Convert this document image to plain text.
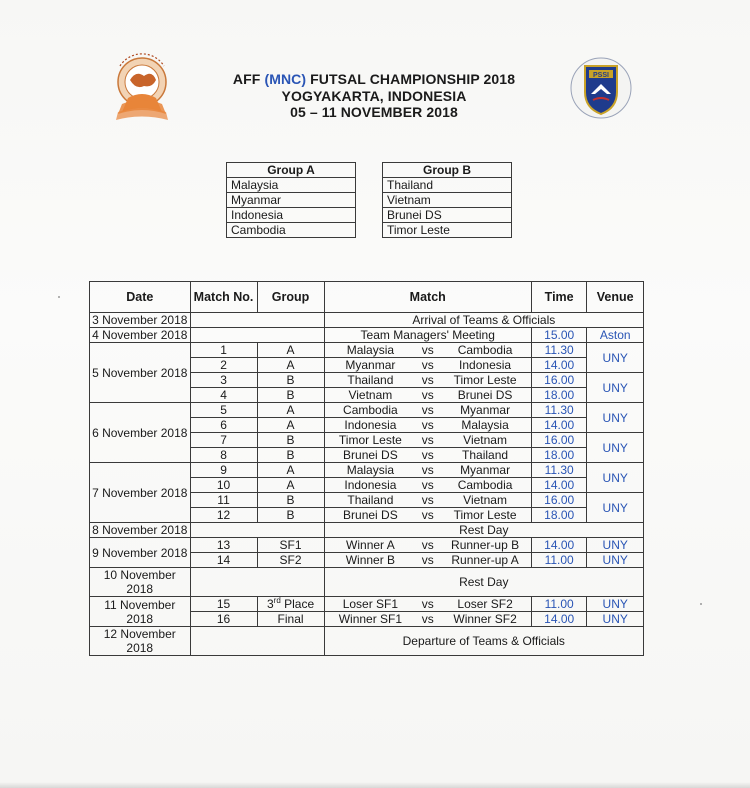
AFF (MNC) FUTSAL CHAMPIONSHIP 2018
YOGYAKARTA, INDONESIA
05 – 11 NOVEMBER 2018
PSSI
Group A
Malaysia
Myanmar
Indonesia
Cambodia
Group B
Thailand
Vietnam
Brunei DS
Timor Leste
Date	Match No.	Group	Match			Time	Venue
3 November 2018			Arrival of Teams & Officials				
4 November 2018			Team Managers' Meeting			15.00	Aston
5 November 2018	1	A	Malaysia	vs	Cambodia	11.30	UNY
	2	A	Myanmar	vs	Indonesia	14.00	
	3	B	Thailand	vs	Timor Leste	16.00	UNY
	4	B	Vietnam	vs	Brunei DS	18.00	
6 November 2018	5	A	Cambodia	vs	Myanmar	11.30	UNY
	6	A	Indonesia	vs	Malaysia	14.00	
	7	B	Timor Leste	vs	Vietnam	16.00	UNY
	8	B	Brunei DS	vs	Thailand	18.00	
7 November 2018	9	A	Malaysia	vs	Myanmar	11.30	UNY
	10	A	Indonesia	vs	Cambodia	14.00	
	11	B	Thailand	vs	Vietnam	16.00	UNY
	12	B	Brunei DS	vs	Timor Leste	18.00	
8 November 2018			Rest Day				
9 November 2018	13	SF1	Winner A	vs	Runner-up B	14.00	UNY
	14	SF2	Winner B	vs	Runner-up A	11.00	UNY
10 November 2018			Rest Day				
11 November 2018	15	3rd Place	Loser SF1	vs	Loser SF2	11.00	UNY
	16	Final	Winner SF1	vs	Winner SF2	14.00	UNY
12 November 2018			Departure of Teams & Officials				
